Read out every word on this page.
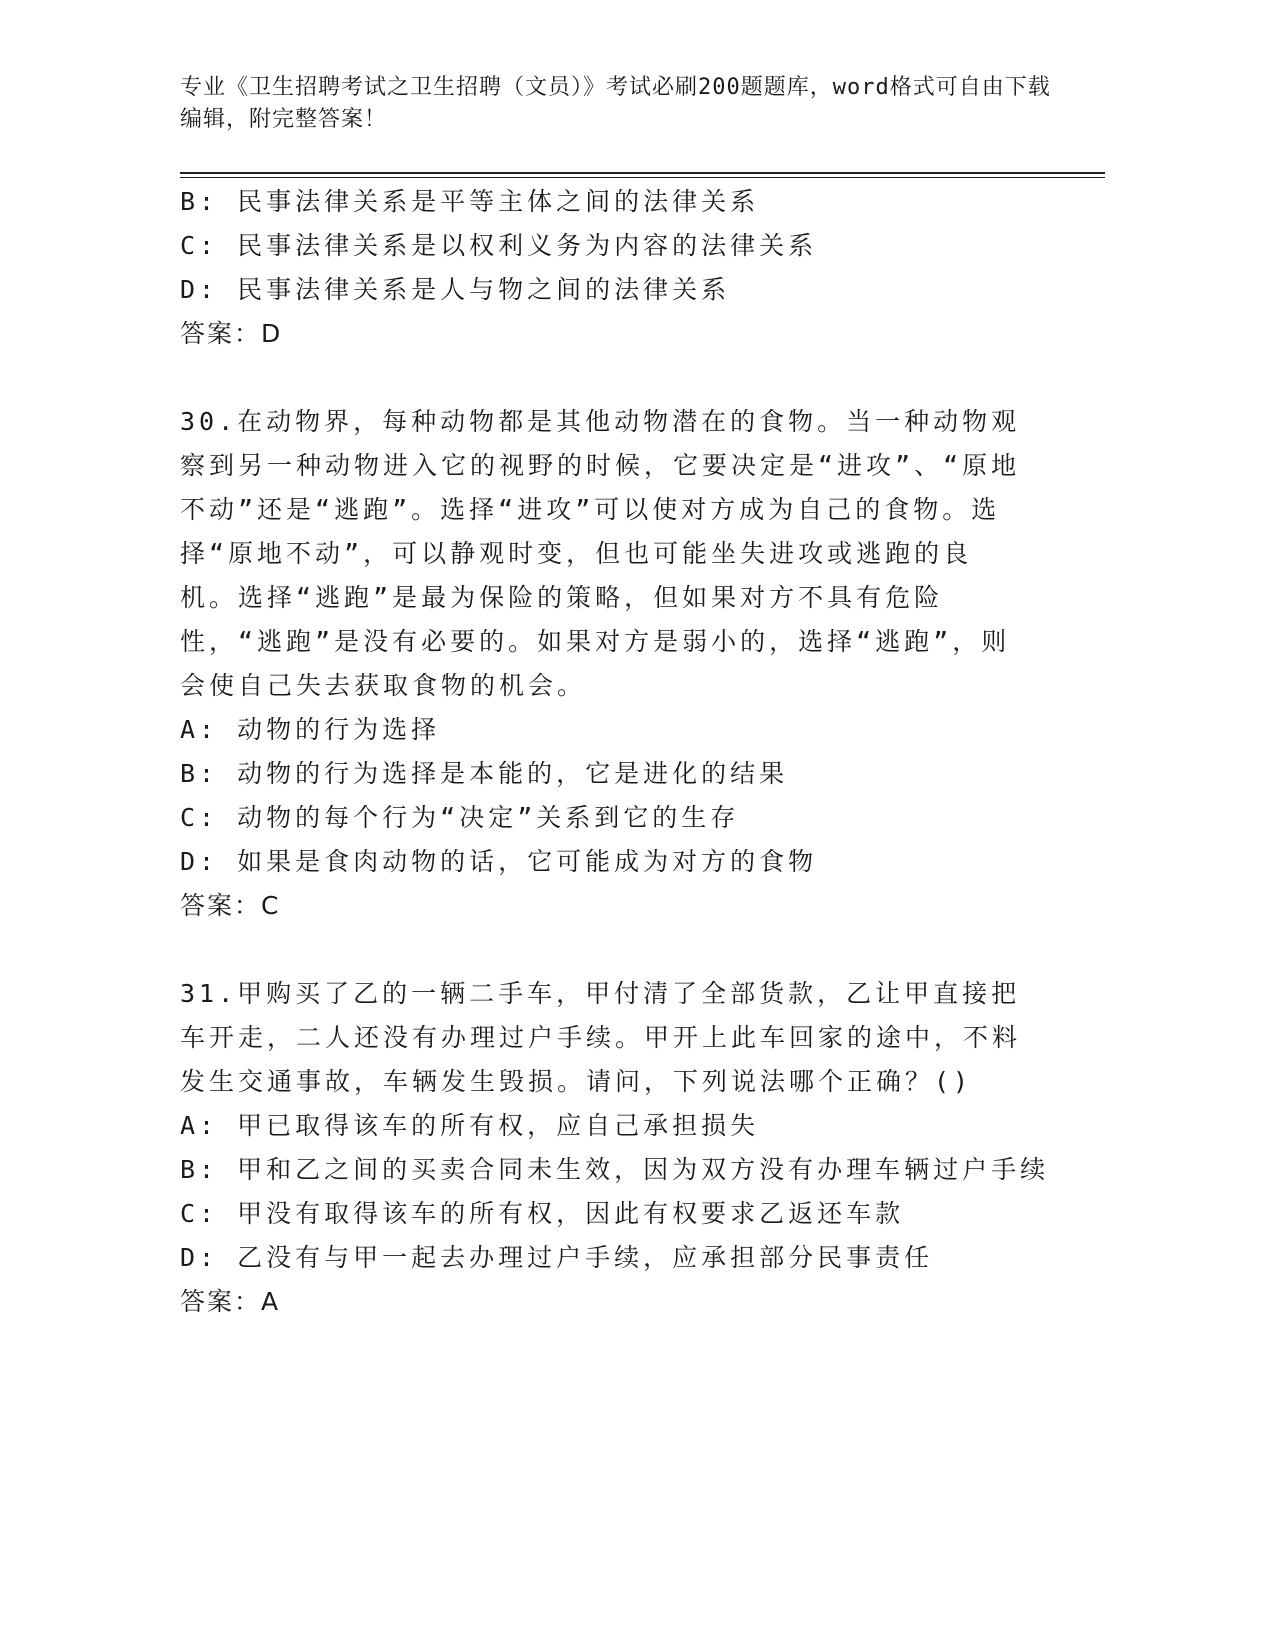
专业《卫生招聘考试之卫生招聘（文员）》考试必刷200题题库，word格式可自由下载编辑，附完整答案！
B: 民事法律关系是平等主体之间的法律关系
C: 民事法律关系是以权利义务为内容的法律关系
D: 民事法律关系是人与物之间的法律关系
答案：D
30.在动物界，每种动物都是其他动物潜在的食物。当一种动物观察到另一种动物进入它的视野的时候，它要决定是“进攻”、“原地不动”还是“逃跑”。选择“进攻”可以使对方成为自己的食物。选择“原地不动”，可以静观时变，但也可能坐失进攻或逃跑的良机。选择“逃跑”是最为保险的策略，但如果对方不具有危险性，“逃跑”是没有必要的。如果对方是弱小的，选择“逃跑”，则会使自己失去获取食物的机会。
A: 动物的行为选择
B: 动物的行为选择是本能的，它是进化的结果
C: 动物的每个行为“决定”关系到它的生存
D: 如果是食肉动物的话，它可能成为对方的食物
答案：C
31.甲购买了乙的一辆二手车，甲付清了全部货款，乙让甲直接把车开走，二人还没有办理过户手续。甲开上此车回家的途中，不料发生交通事故，车辆发生毁损。请问，下列说法哪个正确？()
A: 甲已取得该车的所有权，应自己承担损失
B: 甲和乙之间的买卖合同未生效，因为双方没有办理车辆过户手续
C: 甲没有取得该车的所有权，因此有权要求乙返还车款
D: 乙没有与甲一起去办理过户手续，应承担部分民事责任
答案：A
